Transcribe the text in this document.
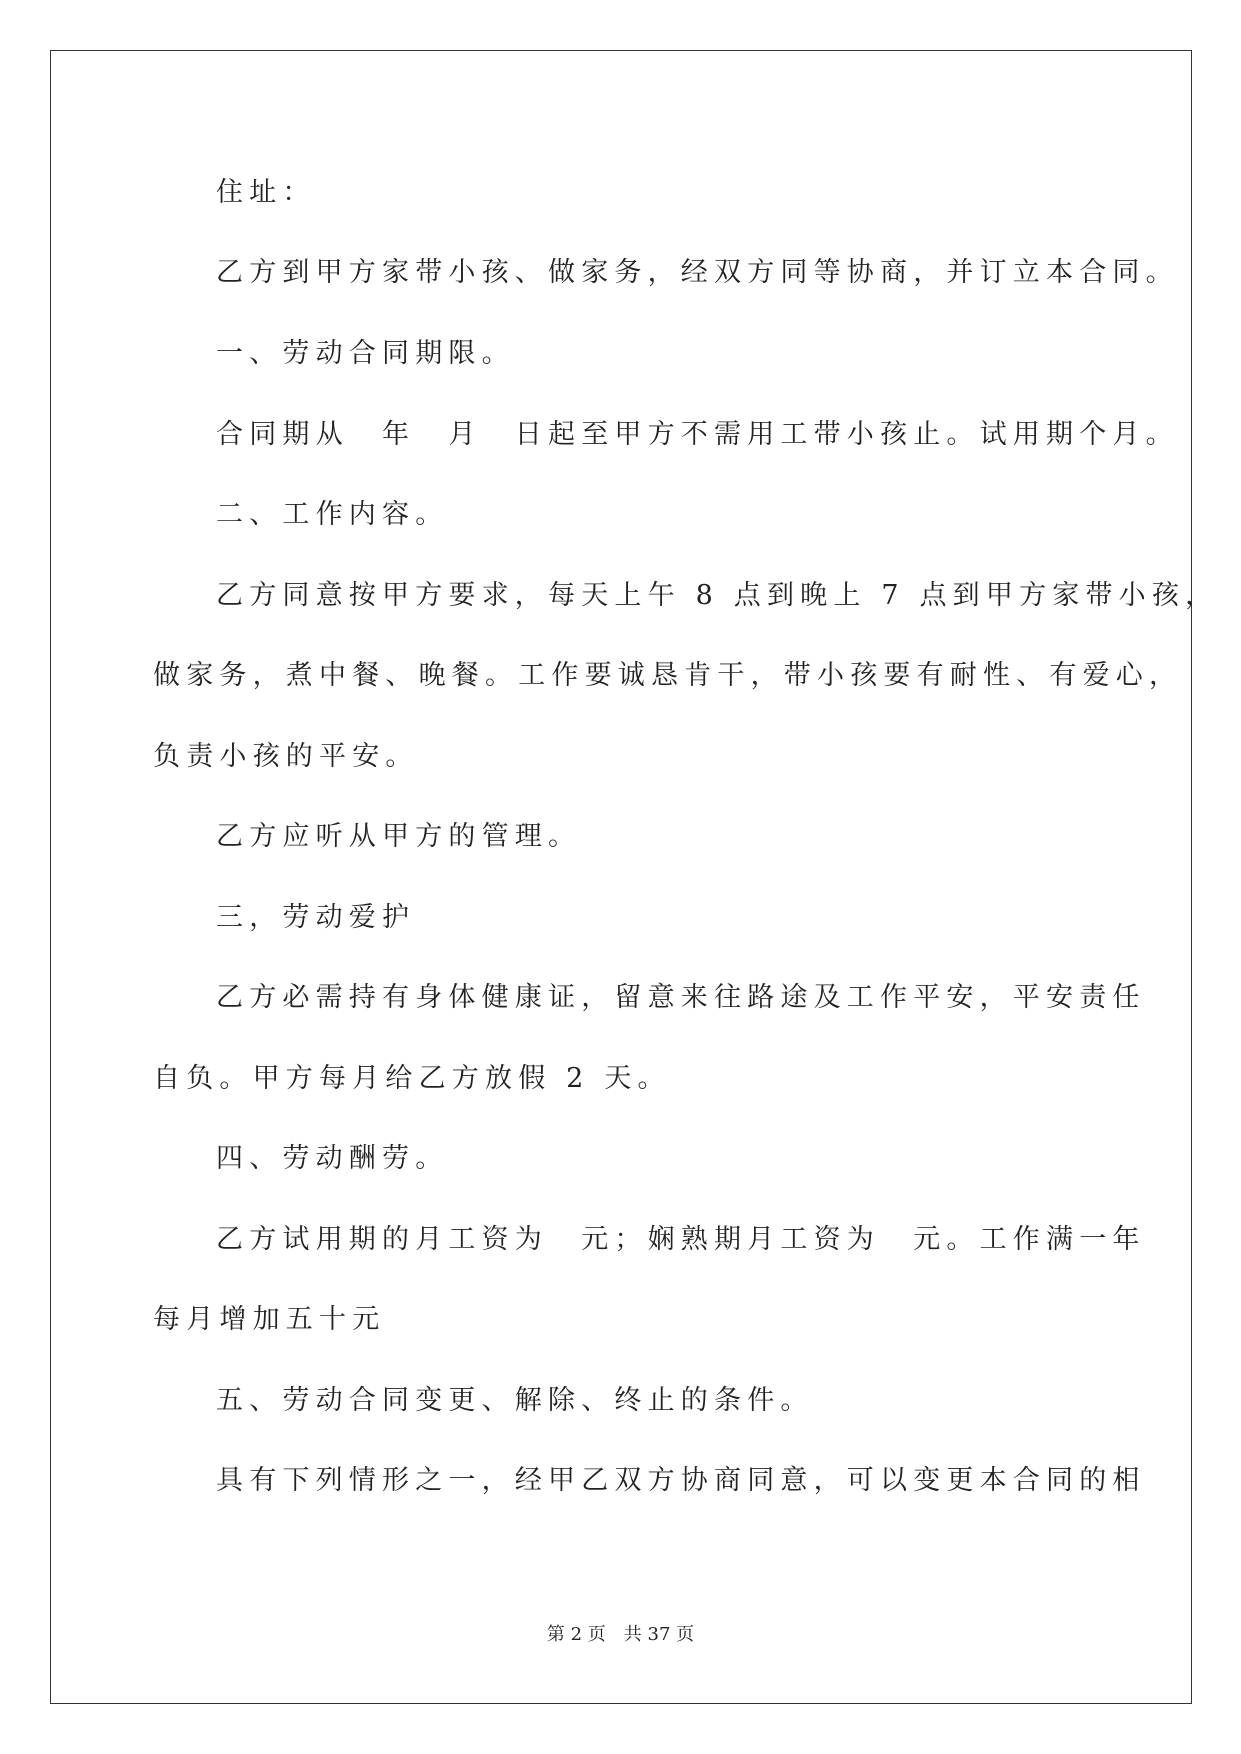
住址：
乙方到甲方家带小孩、做家务，经双方同等协商，并订立本合同。
一、劳动合同期限。
合同期从　年　月　日起至甲方不需用工带小孩止。试用期个月。
二、工作内容。
乙方同意按甲方要求，每天上午 8 点到晚上 7 点到甲方家带小孩，
做家务，煮中餐、晚餐。工作要诚恳肯干，带小孩要有耐性、有爱心，
负责小孩的平安。
乙方应听从甲方的管理。
三，劳动爱护
乙方必需持有身体健康证，留意来往路途及工作平安，平安责任
自负。甲方每月给乙方放假 2 天。
四、劳动酬劳。
乙方试用期的月工资为　元；娴熟期月工资为　元。工作满一年
每月增加五十元
五、劳动合同变更、解除、终止的条件。
具有下列情形之一，经甲乙双方协商同意，可以变更本合同的相
第 2 页　共 37 页
